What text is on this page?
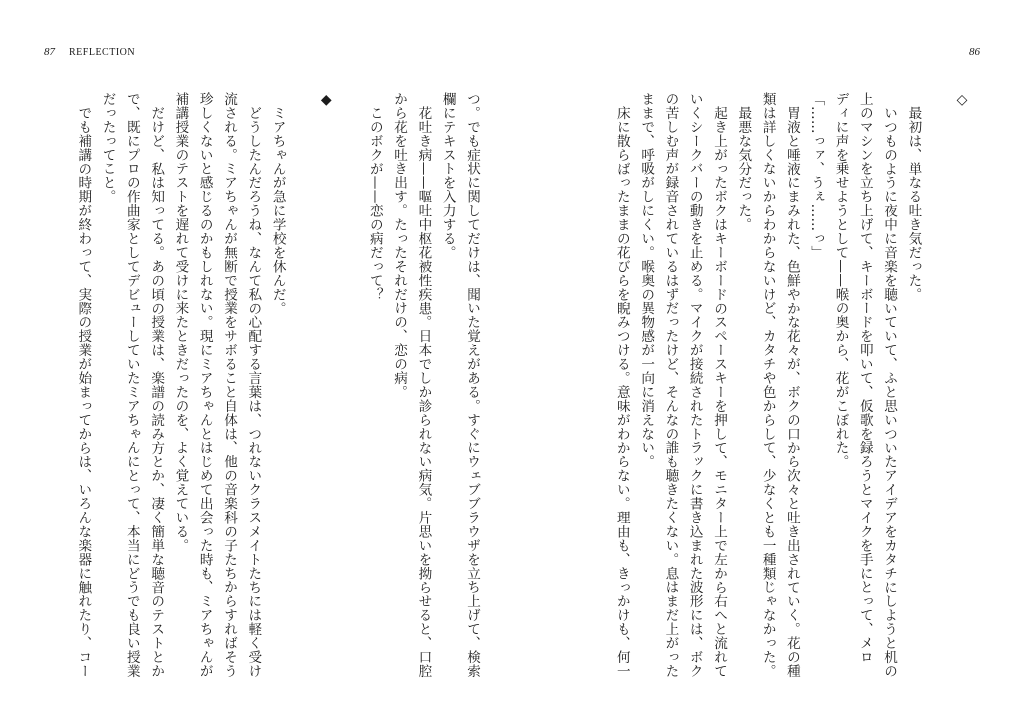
87 REFLECTION
つ。でも症状に関してだけは、聞いた覚えがある。すぐにウェブブラウザを立ち上げて、検索
欄にテキストを入力する。
花吐き病——嘔吐中枢花被性疾患。日本でしか診られない病気。片思いを拗らせると、口腔
から花を吐き出す。たったそれだけの、恋の病。
このボクが——恋の病だって？

◆

ミアちゃんが急に学校を休んだ。
どうしたんだろうね、なんて私の心配する言葉は、つれないクラスメイトたちには軽く受け
流される。ミアちゃんが無断で授業をサボること自体は、他の音楽科の子たちからすればそう
珍しくないと感じるのかもしれない。現にミアちゃんとはじめて出会った時も、ミアちゃんが
補講授業のテストを遅れて受けに来たときだったのを、よく覚えている。
だけど、私は知ってる。あの頃の授業は、楽譜の読み方とか、凄く簡単な聴音のテストとか
で、既にプロの作曲家としてデビューしていたミアちゃんにとって、本当にどうでも良い授業
だったってこと。
でも補講の時期が終わって、実際の授業が始まってからは、いろんな楽器に触れたり、コー
86
◇

最初は、単なる吐き気だった。
いつものように夜中に音楽を聴いていて、ふと思いついたアイデアをカタチにしようと机の
上のマシンを立ち上げて、キーボードを叩いて、仮歌を録ろうとマイクを手にとって、メロ
ディに声を乗せようとして——喉の奥から、花がこぼれた。
「……っァ、うぇ……っ」
胃液と唾液にまみれた、色鮮やかな花々が、ボクの口から次々と吐き出されていく。花の種
類は詳しくないからわからないけど、カタチや色からして、少なくとも一種類じゃなかった。
最悪な気分だった。
起き上がったボクはキーボードのスペースキーを押して、モニター上で左から右へと流れて
いくシークバーの動きを止める。マイクが接続されたトラックに書き込まれた波形には、ボク
の苦しむ声が録音されているはずだったけど、そんなの誰も聴きたくない。息はまだ上がった
ままで、呼吸がしにくい。喉奥の異物感が一向に消えない。
床に散らばったままの花びらを睨みつける。意味がわからない。理由も、きっかけも、何一
